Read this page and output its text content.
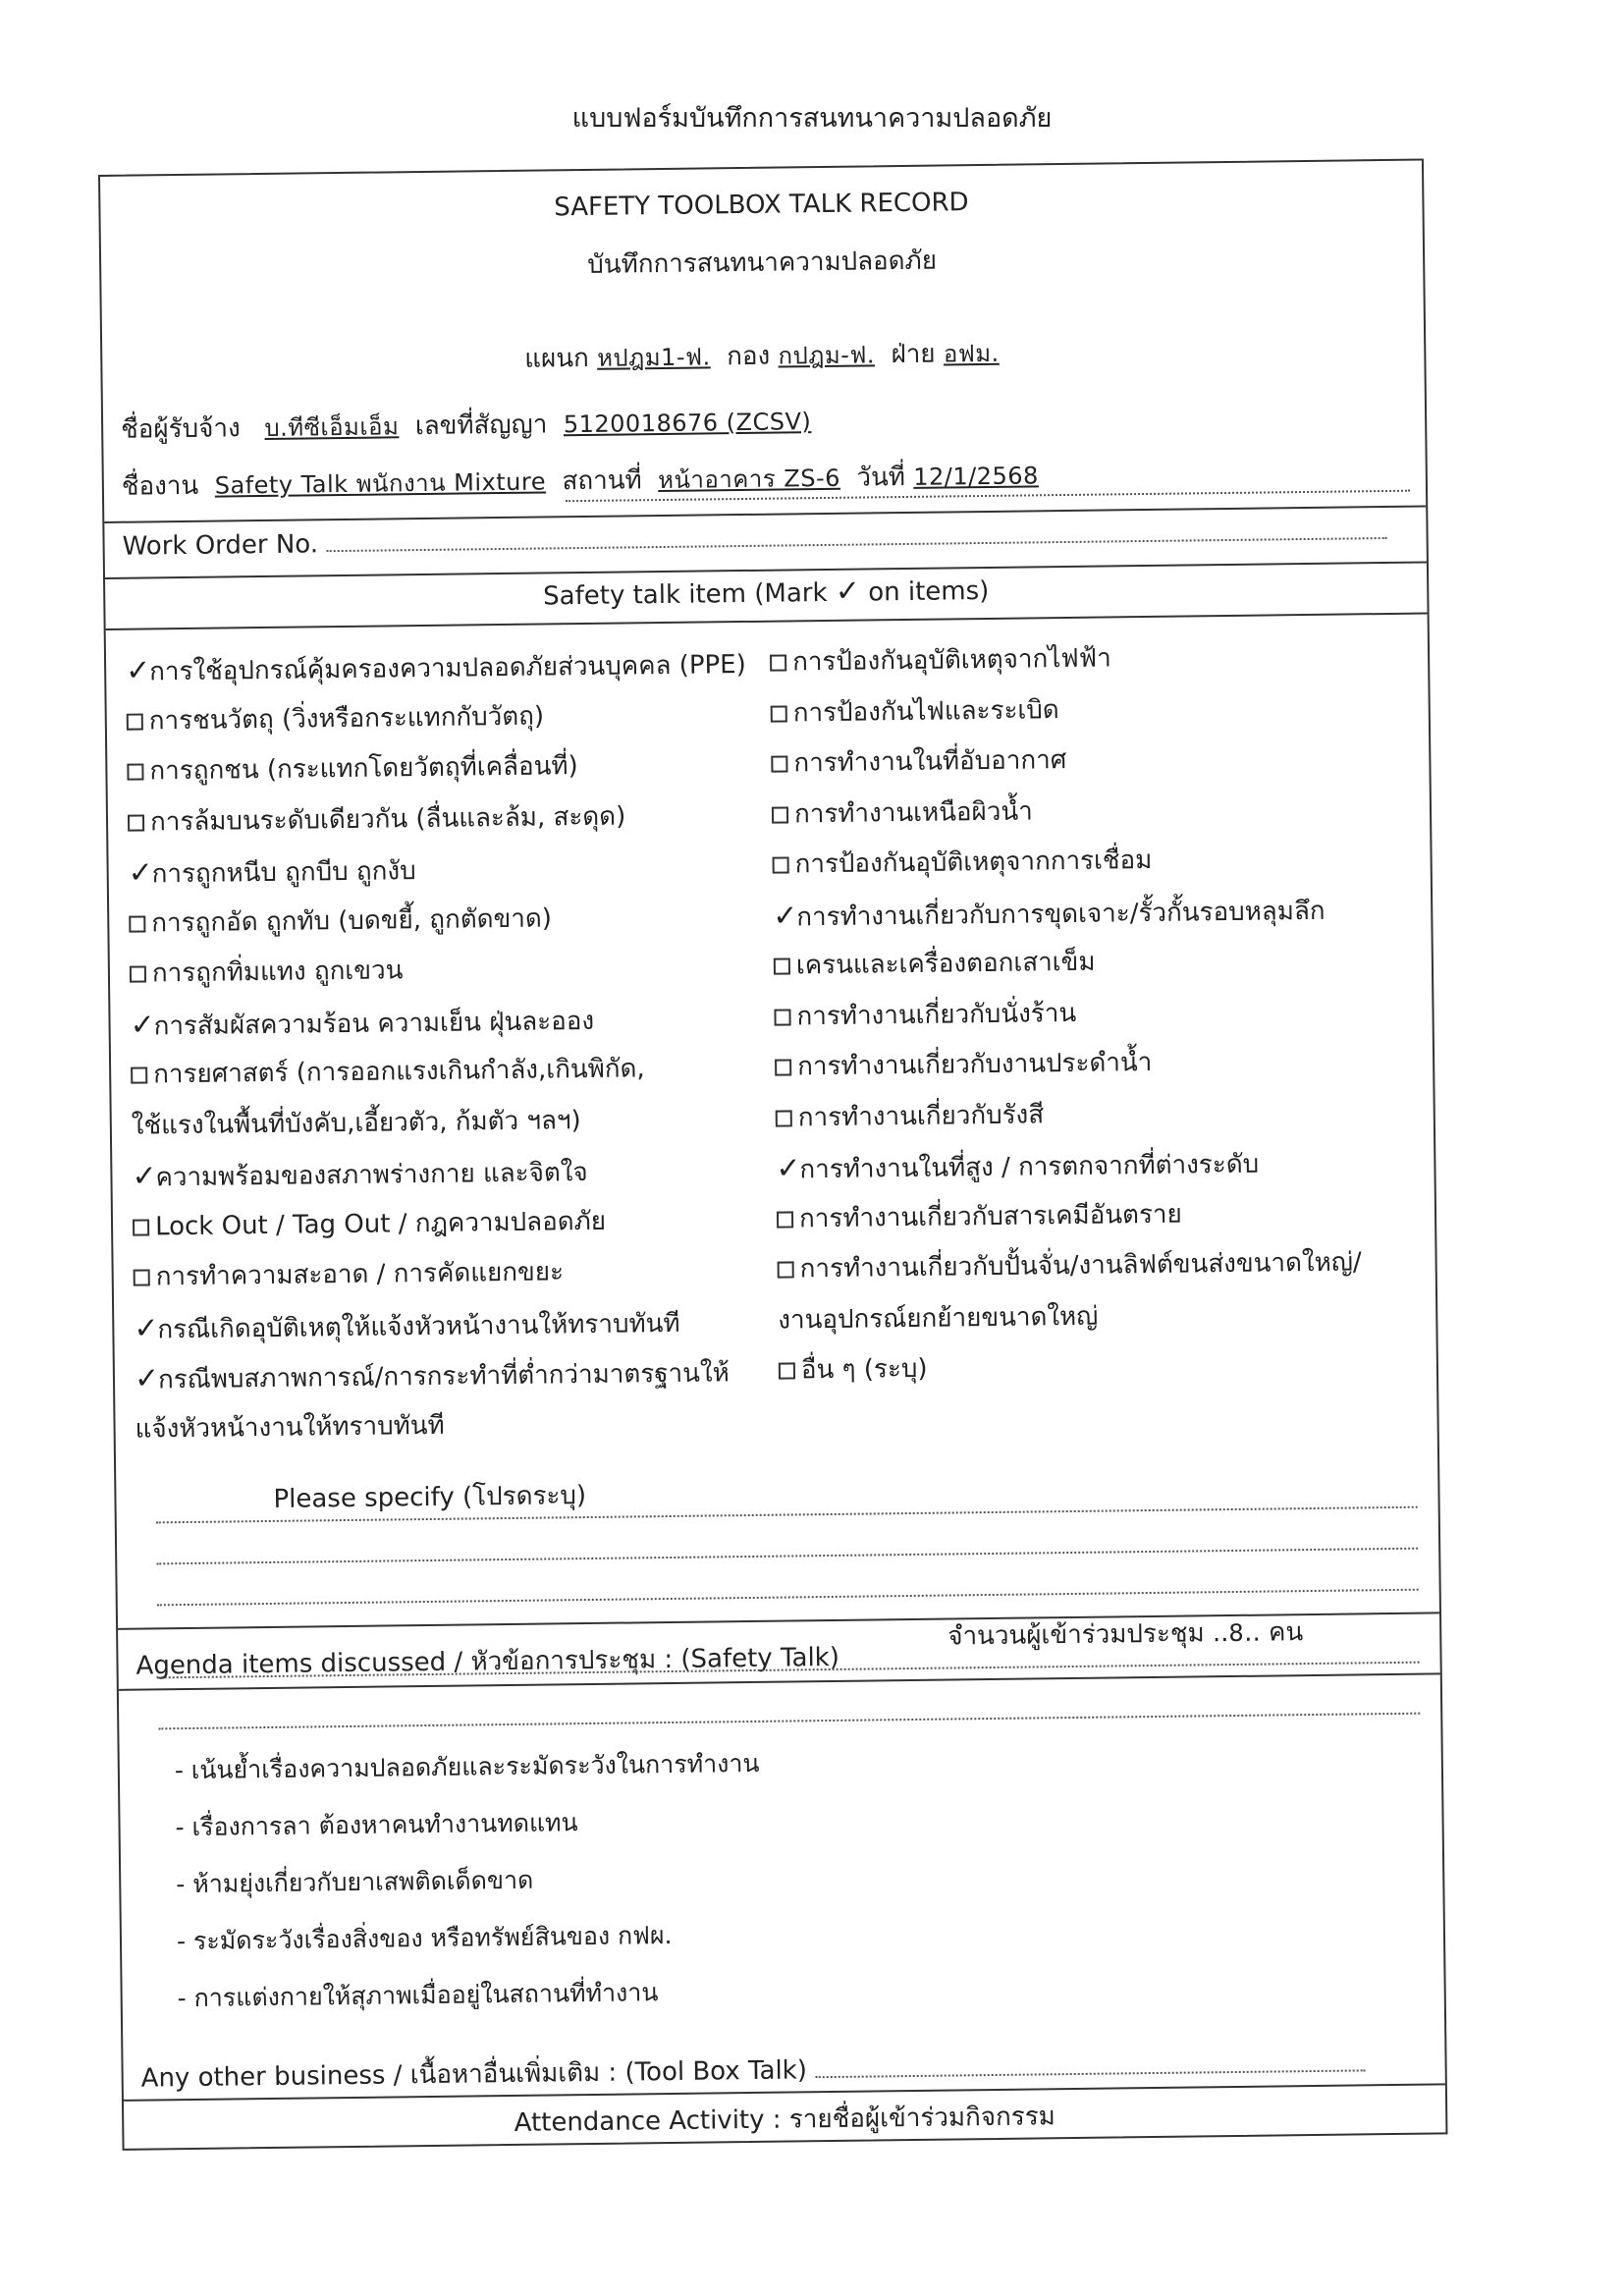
แบบฟอร์มบันทึกการสนทนาความปลอดภัย
SAFETY TOOLBOX TALK RECORD
บันทึกการสนทนาความปลอดภัย
แผนก หปฎม1-ฟ. กอง กปฎม-ฟ. ฝ่าย อฟม.
ชื่อผู้รับจ้าง บ.ทีซีเอ็มเอ็ม เลขที่สัญญา 5120018676 (ZCSV)
ชื่องาน Safety Talk พนักงาน Mixture สถานที่ หน้าอาคาร ZS-6 วันที่ 12/1/2568
Work Order No.
Safety talk item (Mark ✓ on items)
✓การใช้อุปกรณ์คุ้มครองความปลอดภัยส่วนบุคคล (PPE)
การชนวัตถุ (วิ่งหรือกระแทกกับวัตถุ)
การถูกชน (กระแทกโดยวัตถุที่เคลื่อนที่)
การล้มบนระดับเดียวกัน (ลื่นและล้ม, สะดุด)
✓การถูกหนีบ ถูกบีบ ถูกงับ
การถูกอัด ถูกทับ (บดขยี้, ถูกตัดขาด)
การถูกทิ่มแทง ถูกเขวน
✓การสัมผัสความร้อน ความเย็น ฝุ่นละออง
การยศาสตร์ (การออกแรงเกินกำลัง,เกินพิกัด,
ใช้แรงในพื้นที่บังคับ,เอี้ยวตัว, ก้มตัว ฯลฯ)
✓ความพร้อมของสภาพร่างกาย และจิตใจ
Lock Out / Tag Out / กฎความปลอดภัย
การทำความสะอาด / การคัดแยกขยะ
✓กรณีเกิดอุบัติเหตุให้แจ้งหัวหน้างานให้ทราบทันที
✓กรณีพบสภาพการณ์/การกระทำที่ต่ำกว่ามาตรฐานให้
แจ้งหัวหน้างานให้ทราบทันที
การป้องกันอุบัติเหตุจากไฟฟ้า
การป้องกันไฟและระเบิด
การทำงานในที่อับอากาศ
การทำงานเหนือผิวน้ำ
การป้องกันอุบัติเหตุจากการเชื่อม
✓การทำงานเกี่ยวกับการขุดเจาะ/รั้วกั้นรอบหลุมลึก
เครนและเครื่องตอกเสาเข็ม
การทำงานเกี่ยวกับนั่งร้าน
การทำงานเกี่ยวกับงานประดำน้ำ
การทำงานเกี่ยวกับรังสี
✓การทำงานในที่สูง / การตกจากที่ต่างระดับ
การทำงานเกี่ยวกับสารเคมีอันตราย
การทำงานเกี่ยวกับปั้นจั่น/งานลิฟต์ขนส่งขนาดใหญ่/
งานอุปกรณ์ยกย้ายขนาดใหญ่
อื่น ๆ (ระบุ)
Please specify (โปรดระบุ)
Agenda items discussed / หัวข้อการประชุม : (Safety Talk)
จำนวนผู้เข้าร่วมประชุม ..8.. คน
- เน้นย้ำเรื่องความปลอดภัยและระมัดระวังในการทำงาน
- เรื่องการลา ต้องหาคนทำงานทดแทน
- ห้ามยุ่งเกี่ยวกับยาเสพติดเด็ดขาด
- ระมัดระวังเรื่องสิ่งของ หรือทรัพย์สินของ กฟผ.
- การแต่งกายให้สุภาพเมื่ออยู่ในสถานที่ทำงาน
Any other business / เนื้อหาอื่นเพิ่มเติม : (Tool Box Talk)
Attendance Activity : รายชื่อผู้เข้าร่วมกิจกรรม
